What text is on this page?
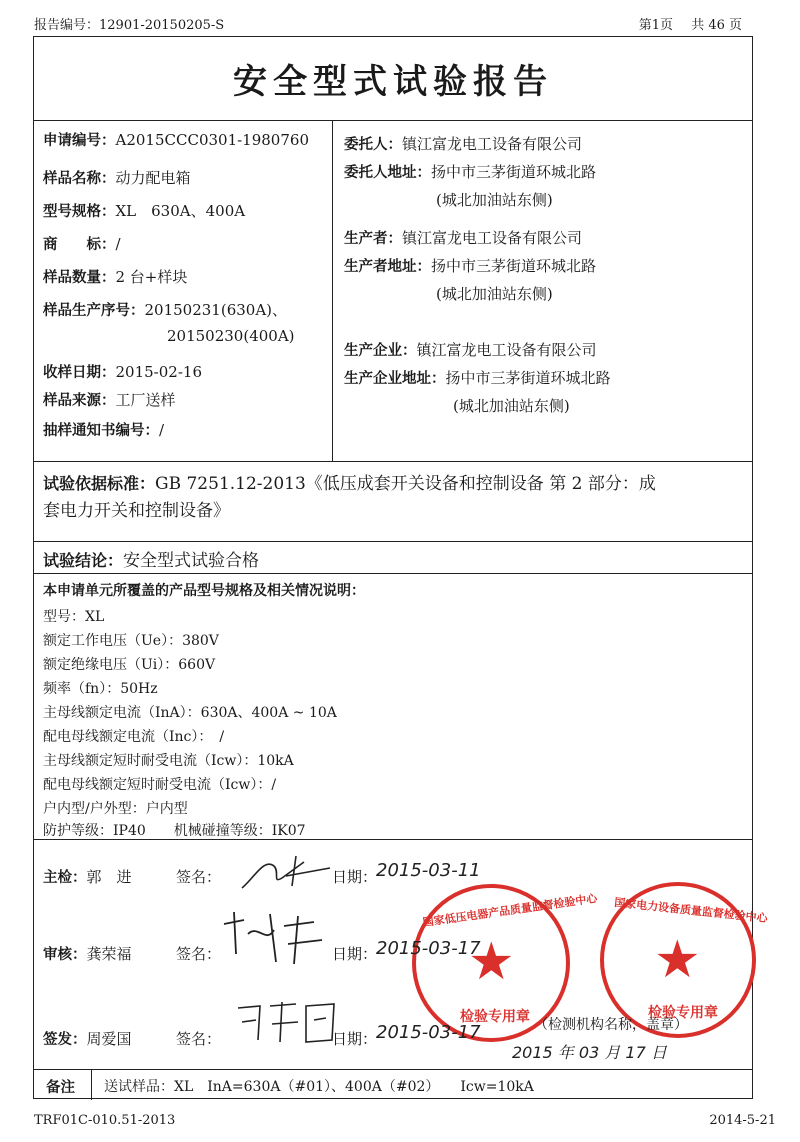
报告编号：12901-20150205-S	第1页 共 46 页
安全型式试验报告
申请编号：A2015CCC0301-1980760
样品名称：动力配电箱
型号规格：XL　630A、400A
商　　标：/
样品数量：2 台+样块
样品生产序号：20150231(630A)、
20150230(400A)
收样日期：2015-02-16
样品来源：工厂送样
抽样通知书编号：/
委托人：镇江富龙电工设备有限公司
委托人地址：扬中市三茅街道环城北路
(城北加油站东侧)
生产者：镇江富龙电工设备有限公司
生产者地址：扬中市三茅街道环城北路
(城北加油站东侧)
生产企业：镇江富龙电工设备有限公司
生产企业地址：扬中市三茅街道环城北路
(城北加油站东侧)
试验依据标准：GB 7251.12-2013《低压成套开关设备和控制设备 第 2 部分：成
套电力开关和控制设备》
试验结论：安全型式试验合格
本申请单元所覆盖的产品型号规格及相关情况说明：
型号：XL
额定工作电压（Ue）：380V
额定绝缘电压（Ui）：660V
频率（fn）：50Hz
主母线额定电流（InA）：630A、400A ~ 10A
配电母线额定电流（Inc）：　/
主母线额定短时耐受电流（Icw）：10kA
配电母线额定短时耐受电流（Icw）：/
户内型/户外型：户内型
防护等级：IP40　　机械碰撞等级：IK07
★
国家低压电器产品质量监督检验中心
检验专用章
★
国家电力设备质量监督检验中心
检验专用章
主检：郭　进	签名：	日期：
2015-03-11
审核：龚荣福	签名：	日期：
2015-03-17
签发：周爱国	签名：	日期：
2015-03-17	（检测机构名称，盖章）
2015 年 03 月 17 日
备注	送试样品：XL　InA=630A（#01）、400A（#02）　　Icw=10kA
TRF01C-010.51-2013	2014-5-21
